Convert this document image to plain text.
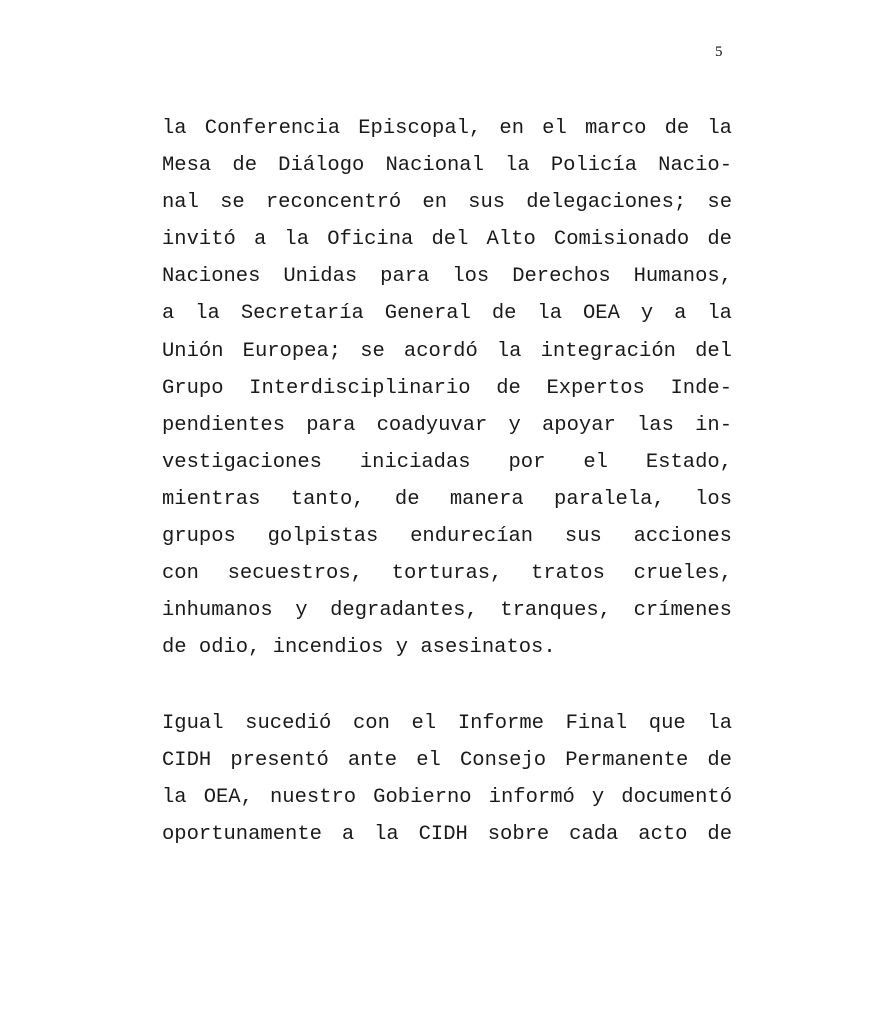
5
la Conferencia Episcopal, en el marco de la
Mesa de Diálogo Nacional la Policía Nacio-
nal se reconcentró en sus delegaciones; se
invitó a la Oficina del Alto Comisionado de
Naciones Unidas para los Derechos Humanos,
a la Secretaría General de la OEA y a la
Unión Europea; se acordó la integración del
Grupo Interdisciplinario de Expertos Inde-
pendientes para coadyuvar y apoyar las in-
vestigaciones iniciadas por el Estado,
mientras tanto, de manera paralela, los
grupos golpistas endurecían sus acciones
con secuestros, torturas, tratos crueles,
inhumanos y degradantes, tranques, crímenes
de odio, incendios y asesinatos.
Igual sucedió con el Informe Final que la
CIDH presentó ante el Consejo Permanente de
la OEA, nuestro Gobierno informó y documentó
oportunamente a la CIDH sobre cada acto de
